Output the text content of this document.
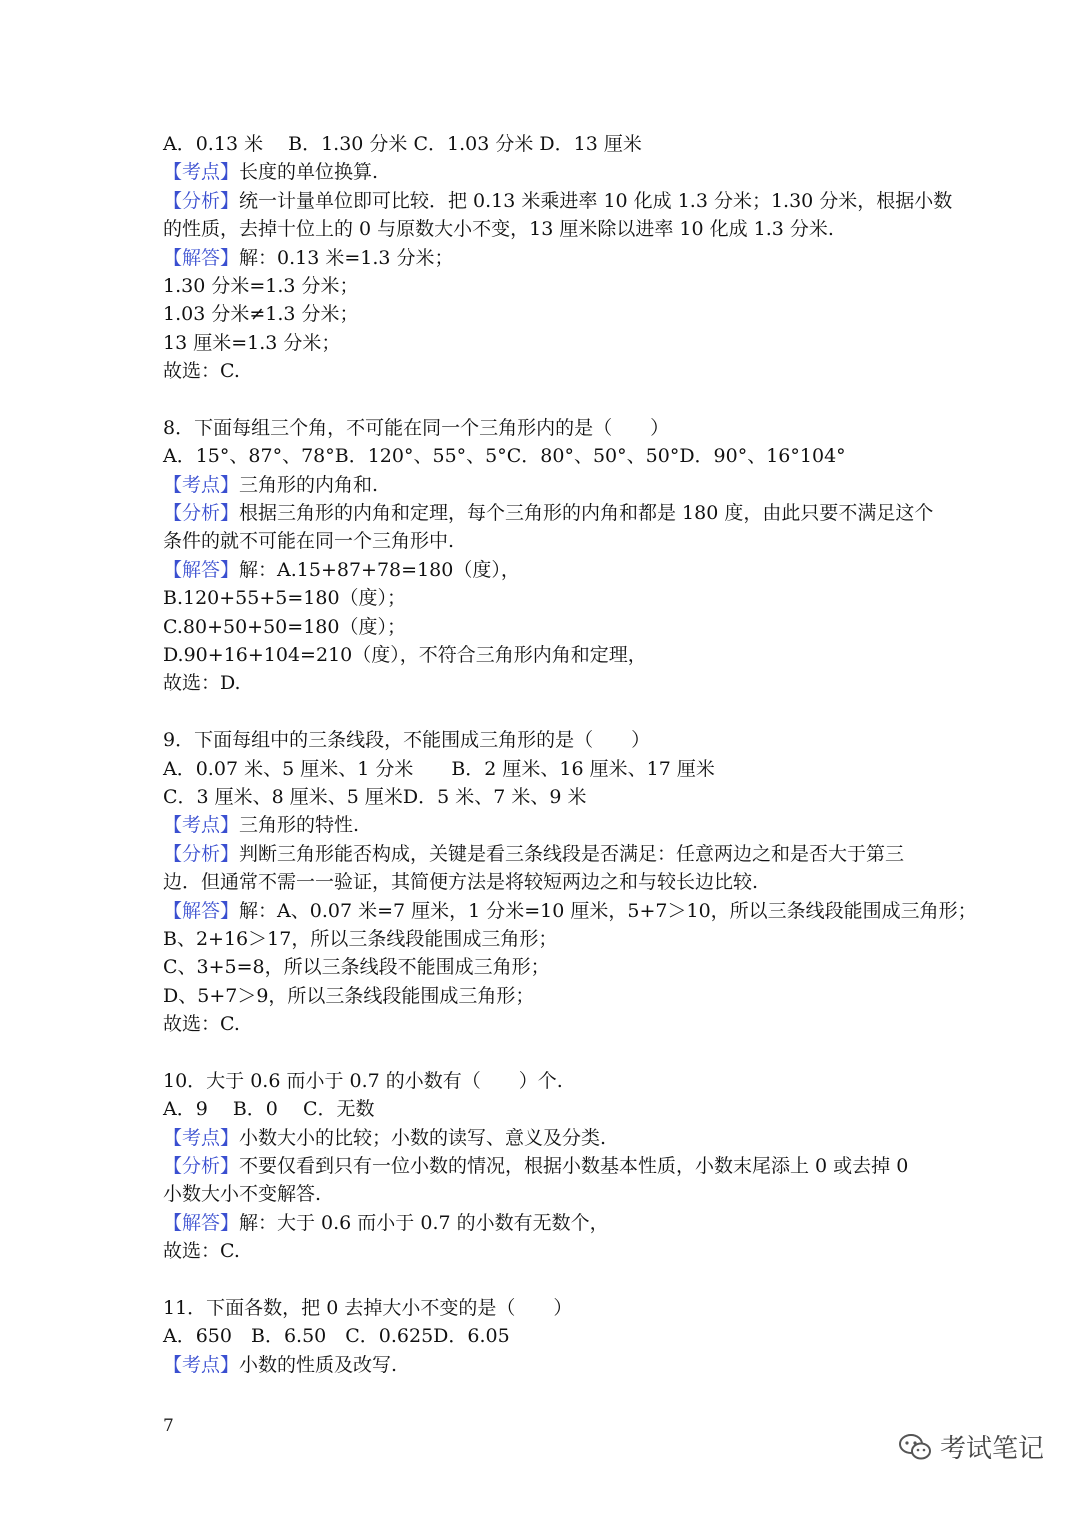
A．0.13 米　 B．1.30 分米 C．1.03 分米 D．13 厘米
【考点】长度的单位换算.
【分析】统一计量单位即可比较．把 0.13 米乘进率 10 化成 1.3 分米；1.30 分米，根据小数
的性质，去掉十位上的 0 与原数大小不变，13 厘米除以进率 10 化成 1.3 分米.
【解答】解：0.13 米=1.3 分米；
1.30 分米=1.3 分米；
1.03 分米≠1.3 分米；
13 厘米=1.3 分米；
故选：C.
8．下面每组三个角，不可能在同一个三角形内的是（　　）
A．15°、87°、78°B．120°、55°、5°C．80°、50°、50°D．90°、16°104°
【考点】三角形的内角和.
【分析】根据三角形的内角和定理，每个三角形的内角和都是 180 度，由此只要不满足这个
条件的就不可能在同一个三角形中.
【解答】解：A.15+87+78=180（度），
B.120+55+5=180（度）；
C.80+50+50=180（度）；
D.90+16+104=210（度），不符合三角形内角和定理，
故选：D.
9．下面每组中的三条线段，不能围成三角形的是（　　）
A．0.07 米、5 厘米、1 分米　　B．2 厘米、16 厘米、17 厘米
C．3 厘米、8 厘米、5 厘米D．5 米、7 米、9 米
【考点】三角形的特性.
【分析】判断三角形能否构成，关键是看三条线段是否满足：任意两边之和是否大于第三
边．但通常不需一一验证，其简便方法是将较短两边之和与较长边比较.
【解答】解：A、0.07 米=7 厘米，1 分米=10 厘米，5+7＞10，所以三条线段能围成三角形；
B、2+16＞17，所以三条线段能围成三角形；
C、3+5=8，所以三条线段不能围成三角形；
D、5+7＞9，所以三条线段能围成三角形；
故选：C.
10．大于 0.6 而小于 0.7 的小数有（　　）个.
A．9　 B．0　 C．无数
【考点】小数大小的比较；小数的读写、意义及分类.
【分析】不要仅看到只有一位小数的情况，根据小数基本性质，小数末尾添上 0 或去掉 0
小数大小不变解答.
【解答】解：大于 0.6 而小于 0.7 的小数有无数个，
故选：C.
11．下面各数，把 0 去掉大小不变的是（　　）
A．650　B．6.50　C．0.625D．6.05
【考点】小数的性质及改写.
7
考试笔记
